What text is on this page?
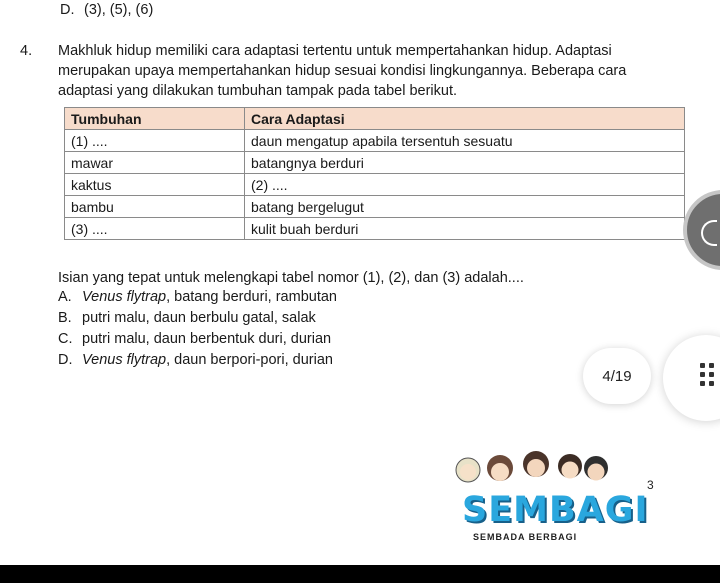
D. (3), (5), (6)
4. Makhluk hidup memiliki cara adaptasi tertentu untuk mempertahankan hidup. Adaptasi
merupakan upaya mempertahankan hidup sesuai kondisi lingkungannya. Beberapa cara
adaptasi yang dilakukan tumbuhan tampak pada tabel berikut.
Tumbuhan	Cara Adaptasi
(1) ....	daun mengatup apabila tersentuh sesuatu
mawar	batangnya berduri
kaktus	(2) ....
bambu	batang bergelugut
(3) ....	kulit buah berduri
Isian yang tepat untuk melengkapi tabel nomor (1), (2), dan (3) adalah....
A. Venus flytrap, batang berduri, rambutan
B. putri malu, daun berbulu gatal, salak
C. putri malu, daun berbentuk duri, durian
D. Venus flytrap, daun berpori-pori, durian
4/19
SEMBAGI
SEMBADA BERBAGI
3
